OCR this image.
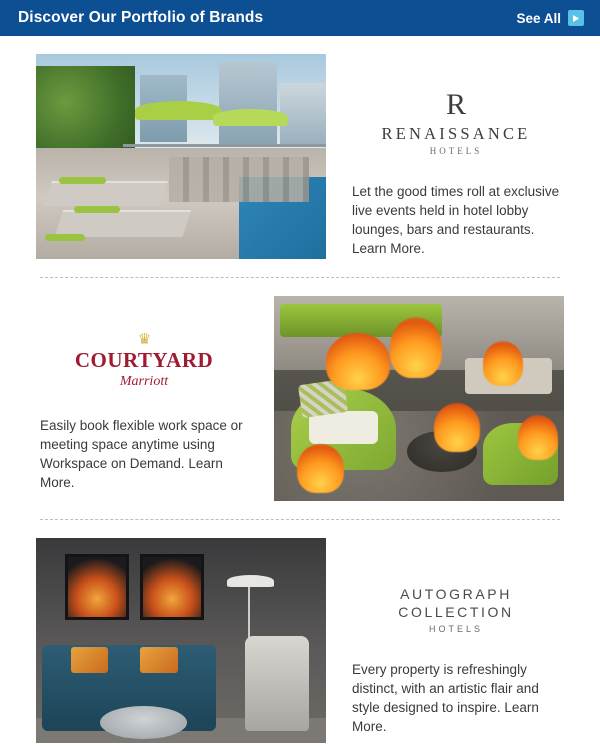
Discover Our Portfolio of Brands	See All
R
RENAISSANCE
HOTELS
Let the good times roll at exclusive live events held in hotel lobby lounges, bars and restaurants. Learn More.
♛
COURTYARD
Marriott
Easily book flexible work space or meeting space anytime using Workspace on Demand. Learn More.
AUTOGRAPH
COLLECTION
HOTELS
Every property is refreshingly distinct, with an artistic flair and style designed to inspire. Learn More.
